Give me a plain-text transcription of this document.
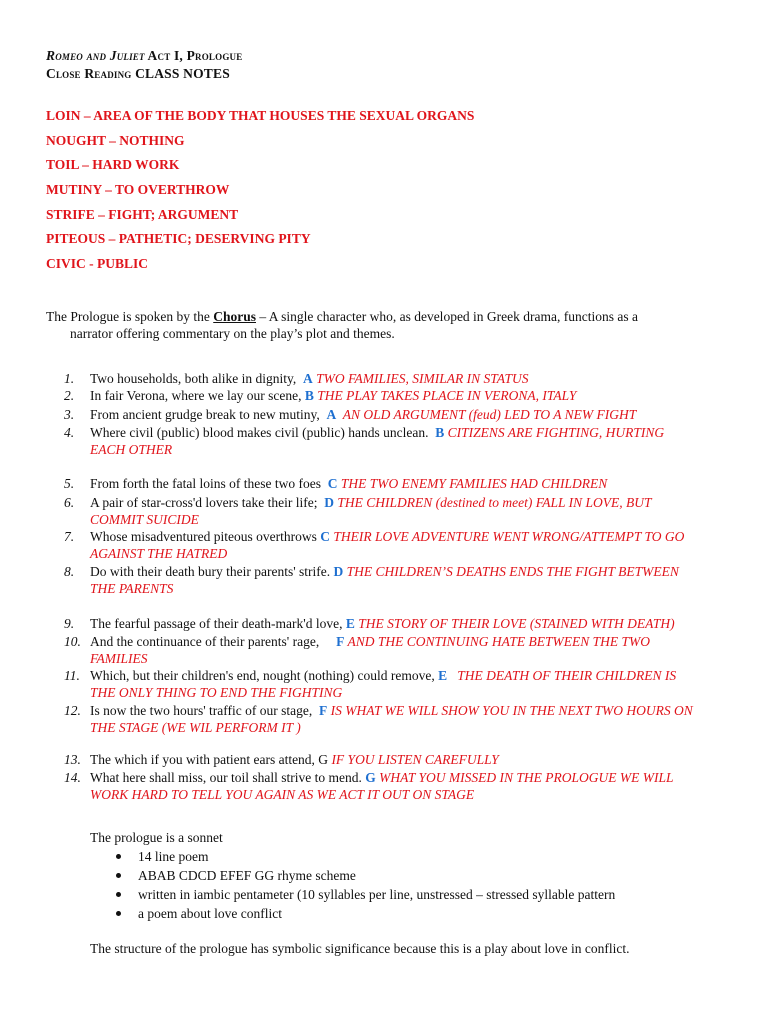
Romeo and Juliet Act I, Prologue
Close Reading CLASS NOTES
LOIN – AREA OF THE BODY THAT HOUSES THE SEXUAL ORGANS
NOUGHT – NOTHING
TOIL – HARD WORK
MUTINY – TO OVERTHROW
STRIFE – FIGHT; ARGUMENT
PITEOUS – PATHETIC; DESERVING PITY
CIVIC - PUBLIC
The Prologue is spoken by the Chorus – A single character who, as developed in Greek drama, functions as a
narrator offering commentary on the play’s plot and themes.
1.	Two households, both alike in dignity,  A TWO FAMILIES, SIMILAR IN STATUS
2.	In fair Verona, where we lay our scene, B THE PLAY TAKES PLACE IN VERONA, ITALY
3.	From ancient grudge break to new mutiny,  A  AN OLD ARGUMENT (feud) LED TO A NEW FIGHT
4.	Where civil (public) blood makes civil (public) hands unclean.  B CITIZENS ARE FIGHTING, HURTING
EACH OTHER
5.	From forth the fatal loins of these two foes  C THE TWO ENEMY FAMILIES HAD CHILDREN
6.	A pair of star-cross'd lovers take their life;  D THE CHILDREN (destined to meet) FALL IN LOVE, BUT
COMMIT SUICIDE
7.	Whose misadventured piteous overthrows C THEIR LOVE ADVENTURE WENT WRONG/ATTEMPT TO GO
AGAINST THE HATRED
8.	Do with their death bury their parents' strife. D THE CHILDREN’S DEATHS ENDS THE FIGHT BETWEEN
THE PARENTS
9.	The fearful passage of their death-mark'd love, E THE STORY OF THEIR LOVE (STAINED WITH DEATH)
10. And the continuance of their parents' rage,     F AND THE CONTINUING HATE BETWEEN THE TWO
FAMILIES
11. Which, but their children's end, nought (nothing) could remove, E   THE DEATH OF THEIR CHILDREN IS
THE ONLY THING TO END THE FIGHTING
12. Is now the two hours' traffic of our stage,  F IS WHAT WE WILL SHOW YOU IN THE NEXT TWO HOURS ON
THE STAGE (WE WIL PERFORM IT )
13. The which if you with patient ears attend, G IF YOU LISTEN CAREFULLY
14. What here shall miss, our toil shall strive to mend. G WHAT YOU MISSED IN THE PROLOGUE WE WILL
WORK HARD TO TELL YOU AGAIN AS WE ACT IT OUT ON STAGE
The prologue is a sonnet
14 line poem
ABAB CDCD EFEF GG rhyme scheme
written in iambic pentameter (10 syllables per line, unstressed – stressed syllable pattern
a poem about love conflict
The structure of the prologue has symbolic significance because this is a play about love in conflict.
